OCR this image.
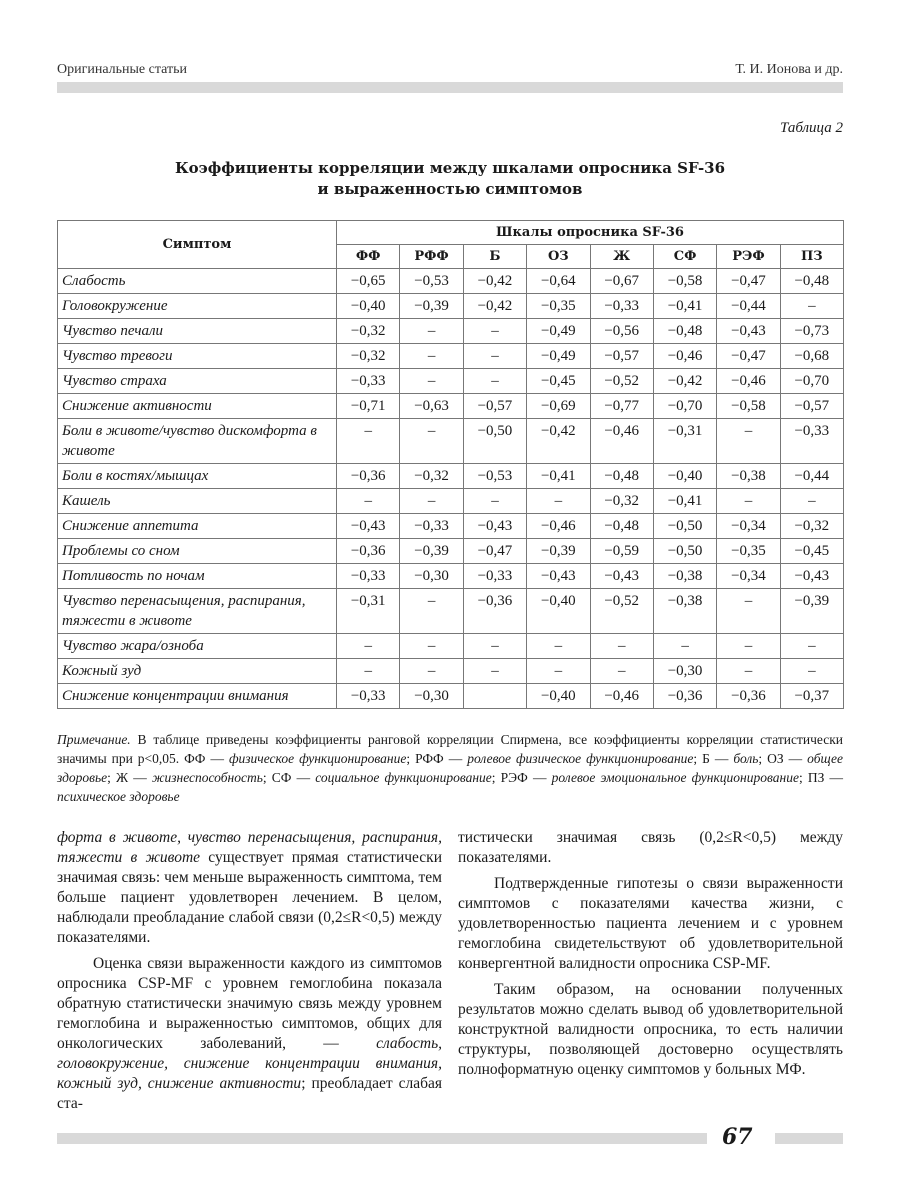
Оригинальные статьи	Т. И. Ионова и др.
Таблица 2
Коэффициенты корреляции между шкалами опросника SF-36
и выраженностью симптомов
Симптом	Шкалы опросника SF-36							
	ФФ	РФФ	Б	ОЗ	Ж	СФ	РЭФ	ПЗ
Слабость	−0,65	−0,53	−0,42	−0,64	−0,67	−0,58	−0,47	−0,48
Головокружение	−0,40	−0,39	−0,42	−0,35	−0,33	−0,41	−0,44	–
Чувство печали	−0,32	–	–	−0,49	−0,56	−0,48	−0,43	−0,73
Чувство тревоги	−0,32	–	–	−0,49	−0,57	−0,46	−0,47	−0,68
Чувство страха	−0,33	–	–	−0,45	−0,52	−0,42	−0,46	−0,70
Снижение активности	−0,71	−0,63	−0,57	−0,69	−0,77	−0,70	−0,58	−0,57
Боли в животе/чувство дискомфорта в животе	–	–	−0,50	−0,42	−0,46	−0,31	–	−0,33
Боли в костях/мышцах	−0,36	−0,32	−0,53	−0,41	−0,48	−0,40	−0,38	−0,44
Кашель	–	–	–	–	−0,32	−0,41	–	–
Снижение аппетита	−0,43	−0,33	−0,43	−0,46	−0,48	−0,50	−0,34	−0,32
Проблемы со сном	−0,36	−0,39	−0,47	−0,39	−0,59	−0,50	−0,35	−0,45
Потливость по ночам	−0,33	−0,30	−0,33	−0,43	−0,43	−0,38	−0,34	−0,43
Чувство перенасыщения, распирания, тяжести в животе	−0,31	–	−0,36	−0,40	−0,52	−0,38	–	−0,39
Чувство жара/озноба	–	–	–	–	–	–	–	–
Кожный зуд	–	–	–	–	–	−0,30	–	–
Снижение концентрации внимания	−0,33	−0,30		−0,40	−0,46	−0,36	−0,36	−0,37
Примечание. В таблице приведены коэффициенты ранговой корреляции Спирмена, все коэффициенты корреляции статистически значимы при p<0,05. ФФ — физическое функционирование; РФФ — ролевое физическое функционирование; Б — боль; ОЗ — общее здоровье; Ж — жизнеспособность; СФ — социальное функционирование; РЭФ — ролевое эмоциональное функционирование; ПЗ — психическое здоровье

форта в животе, чувство перенасыщения, распирания, тяжести в животе существует прямая статистически значимая связь: чем меньше выраженность симптома, тем больше пациент удовлетворен лечением. В целом, наблюдали преобладание слабой связи (0,2≤R<0,5) между показателями.

Оценка связи выраженности каждого из симптомов опросника CSP-MF с уровнем гемоглобина показала обратную статистически значимую связь между уровнем гемоглобина и выраженностью симптомов, общих для онкологических заболеваний, — слабость, головокружение, снижение концентрации внимания, кожный зуд, снижение активности; преобладает слабая ста-

тистически значимая связь (0,2≤R<0,5) между показателями.

Подтвержденные гипотезы о связи выраженности симптомов с показателями качества жизни, с удовлетворенностью пациента лечением и с уровнем гемоглобина свидетельствуют об удовлетворительной конвергентной валидности опросника CSP-MF.

Таким образом, на основании полученных результатов можно сделать вывод об удовлетворительной конструктной валидности опросника, то есть наличии структуры, позволяющей достоверно осуществлять полноформатную оценку симптомов у больных МФ.

67
